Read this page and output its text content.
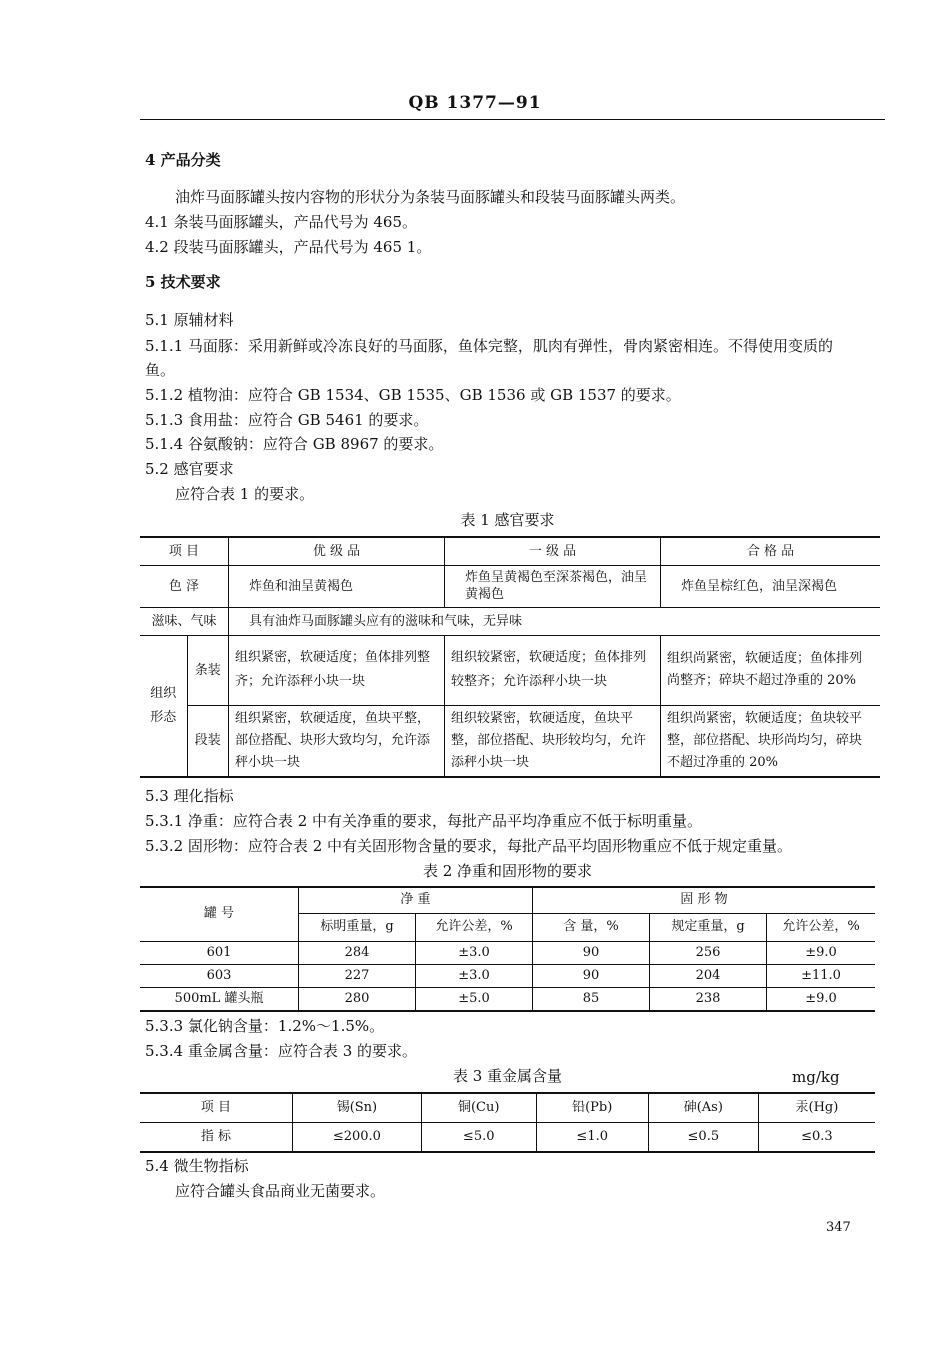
QB 1377—91
4 产品分类
油炸马面豚罐头按内容物的形状分为条装马面豚罐头和段装马面豚罐头两类。
4.1 条装马面豚罐头，产品代号为 465。
4.2 段装马面豚罐头，产品代号为 465 1。
5 技术要求
5.1 原辅材料
5.1.1 马面豚：采用新鲜或冷冻良好的马面豚，鱼体完整，肌肉有弹性，骨肉紧密相连。不得使用变质的
鱼。
5.1.2 植物油：应符合 GB 1534、GB 1535、GB 1536 或 GB 1537 的要求。
5.1.3 食用盐：应符合 GB 5461 的要求。
5.1.4 谷氨酸钠：应符合 GB 8967 的要求。
5.2 感官要求
应符合表 1 的要求。
表 1 感官要求
项 目		优 级 品	一 级 品	合 格 品
色 泽		炸鱼和油呈黄褐色	炸鱼呈黄褐色至深茶褐色，油呈黄褐色	炸鱼呈棕红色，油呈深褐色
滋味、气味		具有油炸马面豚罐头应有的滋味和气味，无异味		
组织形态	条装	组织紧密，软硬适度；鱼体排列整齐；允许添秤小块一块	组织较紧密，软硬适度；鱼体排列较整齐；允许添秤小块一块	组织尚紧密，软硬适度；鱼体排列尚整齐；碎块不超过净重的 20%
	段装	组织紧密，软硬适度，鱼块平整，部位搭配、块形大致均匀，允许添秤小块一块	组织较紧密，软硬适度，鱼块平整，部位搭配、块形较均匀，允许添秤小块一块	组织尚紧密，软硬适度；鱼块较平整，部位搭配、块形尚均匀，碎块不超过净重的 20%
5.3 理化指标
5.3.1 净重：应符合表 2 中有关净重的要求，每批产品平均净重应不低于标明重量。
5.3.2 固形物：应符合表 2 中有关固形物含量的要求，每批产品平均固形物重应不低于规定重量。
表 2 净重和固形物的要求
罐 号	净 重		固 形 物		
	标明重量，g	允许公差，%	含 量，%	规定重量，g	允许公差，%
601	284	±3.0	90	256	±9.0
603	227	±3.0	90	204	±11.0
500mL 罐头瓶	280	±5.0	85	238	±9.0
5.3.3 氯化钠含量：1.2%～1.5%。
5.3.4 重金属含量：应符合表 3 的要求。
表 3 重金属含量	mg/kg
项 目	锡(Sn)	铜(Cu)	铅(Pb)	砷(As)	汞(Hg)
指 标	≤200.0	≤5.0	≤1.0	≤0.5	≤0.3
5.4 微生物指标
应符合罐头食品商业无菌要求。
347
